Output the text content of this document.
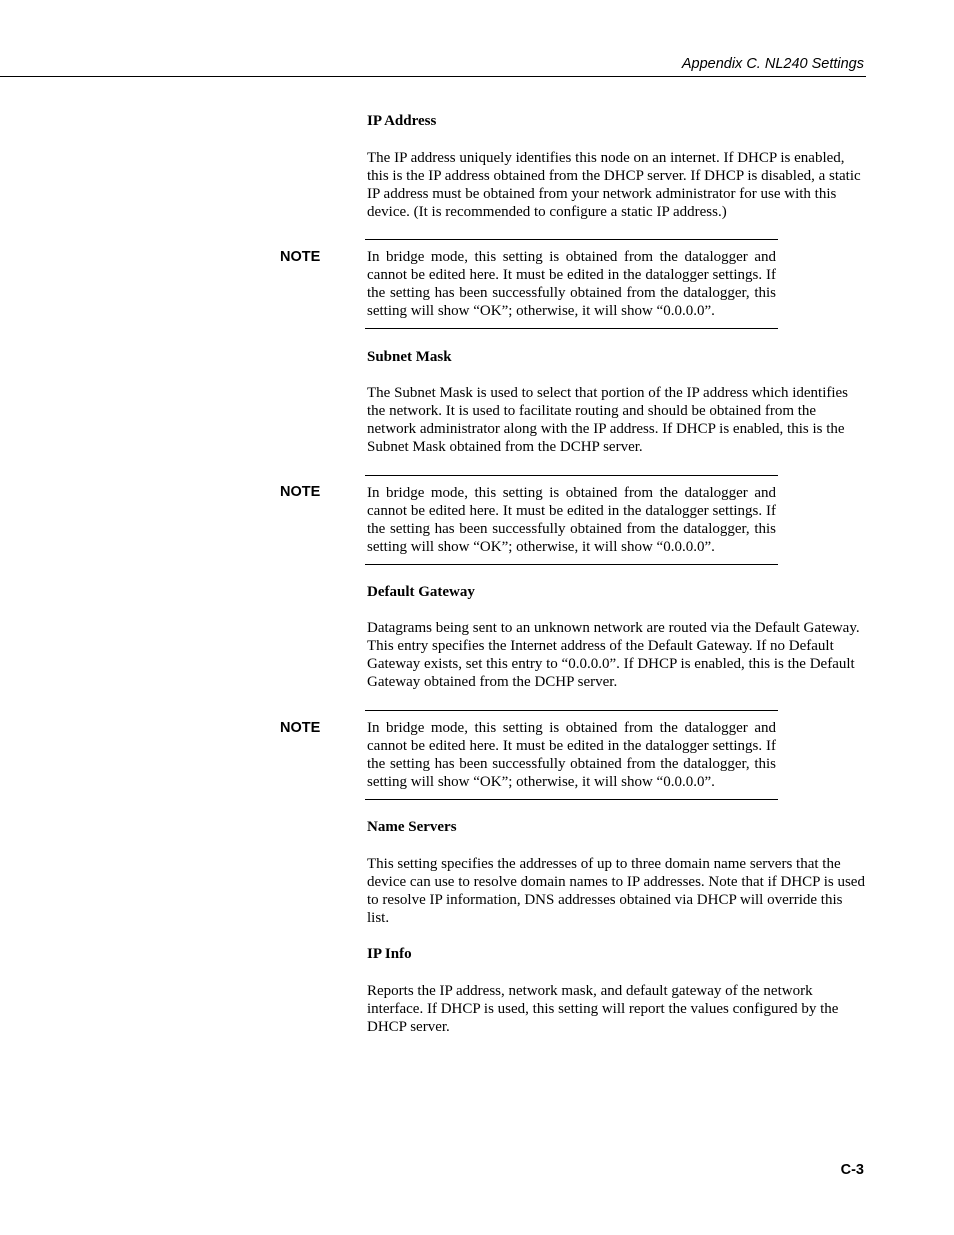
Appendix C. NL240 Settings
IP Address
The IP address uniquely identifies this node on an internet. If DHCP is enabled, this is the IP address obtained from the DHCP server. If DHCP is disabled, a static IP address must be obtained from your network administrator for use with this device. (It is recommended to configure a static IP address.)
NOTE	In bridge mode, this setting is obtained from the datalogger and cannot be edited here. It must be edited in the datalogger settings. If the setting has been successfully obtained from the datalogger, this setting will show “OK”; otherwise, it will show “0.0.0.0”.
Subnet Mask
The Subnet Mask is used to select that portion of the IP address which identifies the network. It is used to facilitate routing and should be obtained from the network administrator along with the IP address. If DHCP is enabled, this is the Subnet Mask obtained from the DCHP server.
NOTE	In bridge mode, this setting is obtained from the datalogger and cannot be edited here. It must be edited in the datalogger settings. If the setting has been successfully obtained from the datalogger, this setting will show “OK”; otherwise, it will show “0.0.0.0”.
Default Gateway
Datagrams being sent to an unknown network are routed via the Default Gateway. This entry specifies the Internet address of the Default Gateway. If no Default Gateway exists, set this entry to “0.0.0.0”. If DHCP is enabled, this is the Default Gateway obtained from the DCHP server.
NOTE	In bridge mode, this setting is obtained from the datalogger and cannot be edited here. It must be edited in the datalogger settings. If the setting has been successfully obtained from the datalogger, this setting will show “OK”; otherwise, it will show “0.0.0.0”.
Name Servers
This setting specifies the addresses of up to three domain name servers that the device can use to resolve domain names to IP addresses. Note that if DHCP is used to resolve IP information, DNS addresses obtained via DHCP will override this list.
IP Info
Reports the IP address, network mask, and default gateway of the network interface. If DHCP is used, this setting will report the values configured by the DHCP server.
C-3
